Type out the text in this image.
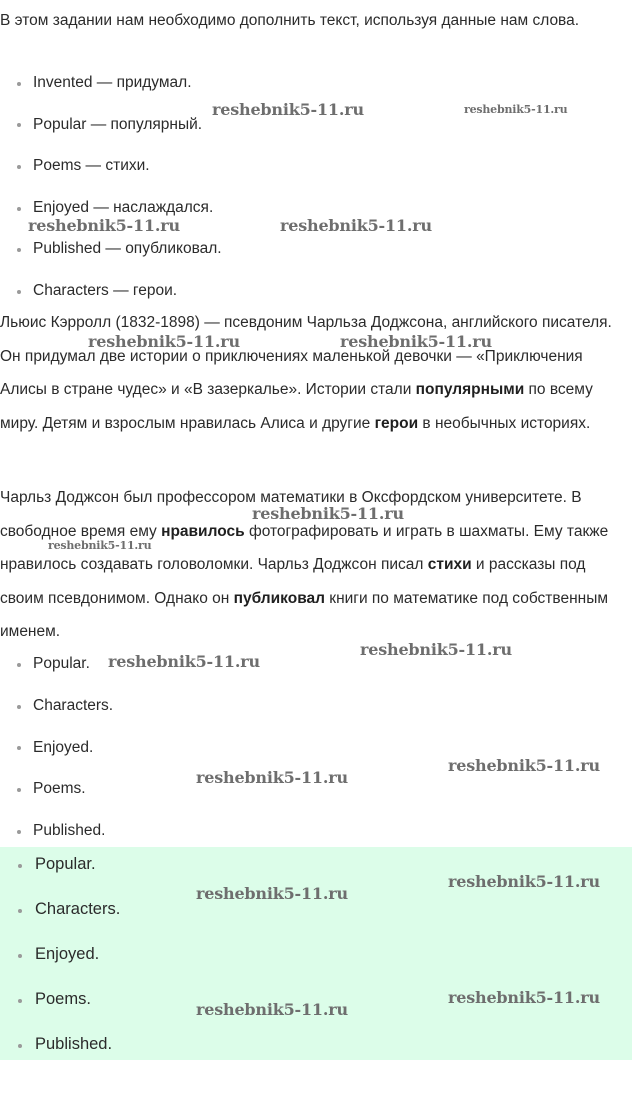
В этом задании нам необходимо дополнить текст, используя данные нам слова.

Invented — придумал.
Popular — популярный.
Poems — стихи.
Enjoyed — наслаждался.
Published — опубликовал.
Characters — герои.

Льюис Кэрролл (1832-1898) — псевдоним Чарльза Доджсона, английского писателя. Он придумал две истории о приключениях маленькой девочки — «Приключения Алисы в стране чудес» и «В зазеркалье». Истории стали популярными по всему миру. Детям и взрослым нравилась Алиса и другие герои в необычных историях.

Чарльз Доджсон был профессором математики в Оксфордском университете. В свободное время ему нравилось фотографировать и играть в шахматы. Ему также нравилось создавать головоломки. Чарльз Доджсон писал стихи и рассказы под своим псевдонимом. Однако он публиковал книги по математике под собственным именем.

Popular.
Characters.
Enjoyed.
Poems.
Published.
Popular.
Characters.
Enjoyed.
Poems.
Published.
reshebnik5-11.ru	reshebnik5-11.ru
reshebnik5-11.ru	reshebnik5-11.ru
reshebnik5-11.ru	reshebnik5-11.ru
reshebnik5-11.ru
reshebnik5-11.ru
reshebnik5-11.ru
reshebnik5-11.ru
reshebnik5-11.ru
reshebnik5-11.ru
reshebnik5-11.ru
reshebnik5-11.ru
reshebnik5-11.ru
reshebnik5-11.ru
